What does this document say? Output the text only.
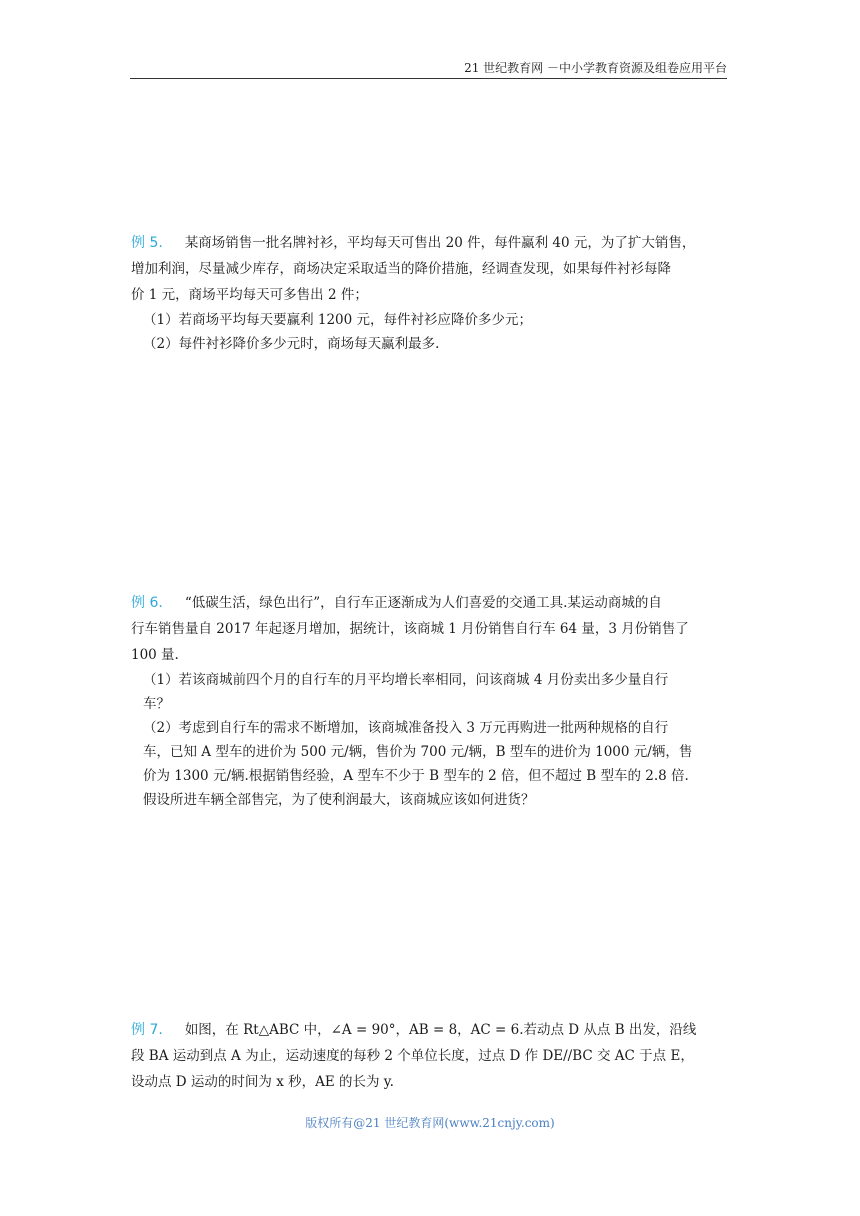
21 世纪教育网 －中小学教育资源及组卷应用平台

例 5. 某商场销售一批名牌衬衫，平均每天可售出 20 件，每件赢利 40 元，为了扩大销售，

增加利润，尽量减少库存，商场决定采取适当的降价措施，经调查发现，如果每件衬衫每降

价 1 元，商场平均每天可多售出 2 件；

（1）若商场平均每天要赢利 1200 元，每件衬衫应降价多少元；

（2）每件衬衫降价多少元时，商场每天赢利最多.

例 6. “低碳生活，绿色出行”，自行车正逐渐成为人们喜爱的交通工具.某运动商城的自

行车销售量自 2017 年起逐月增加，据统计，该商城 1 月份销售自行车 64 量，3 月份销售了

100 量.

（1）若该商城前四个月的自行车的月平均增长率相同，问该商城 4 月份卖出多少量自行

车？

（2）考虑到自行车的需求不断增加，该商城准备投入 3 万元再购进一批两种规格的自行

车，已知 A 型车的进价为 500 元/辆，售价为 700 元/辆，B 型车的进价为 1000 元/辆，售

价为 1300 元/辆.根据销售经验，A 型车不少于 B 型车的 2 倍，但不超过 B 型车的 2.8 倍.

假设所进车辆全部售完，为了使利润最大，该商城应该如何进货？

例 7. 如图，在 Rt△ABC 中，∠A = 90°，AB = 8，AC = 6.若动点 D 从点 B 出发，沿线

段 BA 运动到点 A 为止，运动速度的每秒 2 个单位长度，过点 D 作 DE//BC 交 AC 于点 E，

设动点 D 运动的时间为 x 秒，AE 的长为 y.

版权所有@21 世纪教育网(www.21cnjy.com)
